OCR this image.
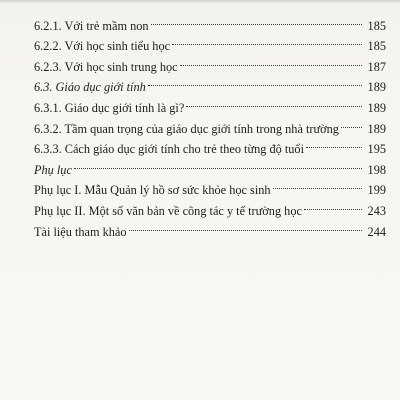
6.2.1. Với trẻ mầm non	185
6.2.2. Với học sinh tiểu học	185
6.2.3. Với học sinh trung học	187
6.3. Giáo dục giới tính	189
6.3.1. Giáo dục giới tính là gì?	189
6.3.2. Tầm quan trọng của giáo dục giới tính trong nhà trường	189
6.3.3. Cách giáo dục giới tính cho trẻ theo từng độ tuổi	195
Phụ lục	198
Phụ lục I. Mẫu Quản lý hồ sơ sức khỏe học sinh	199
Phụ lục II. Một số văn bản về công tác y tế trường học	243
Tài liệu tham khảo	244
